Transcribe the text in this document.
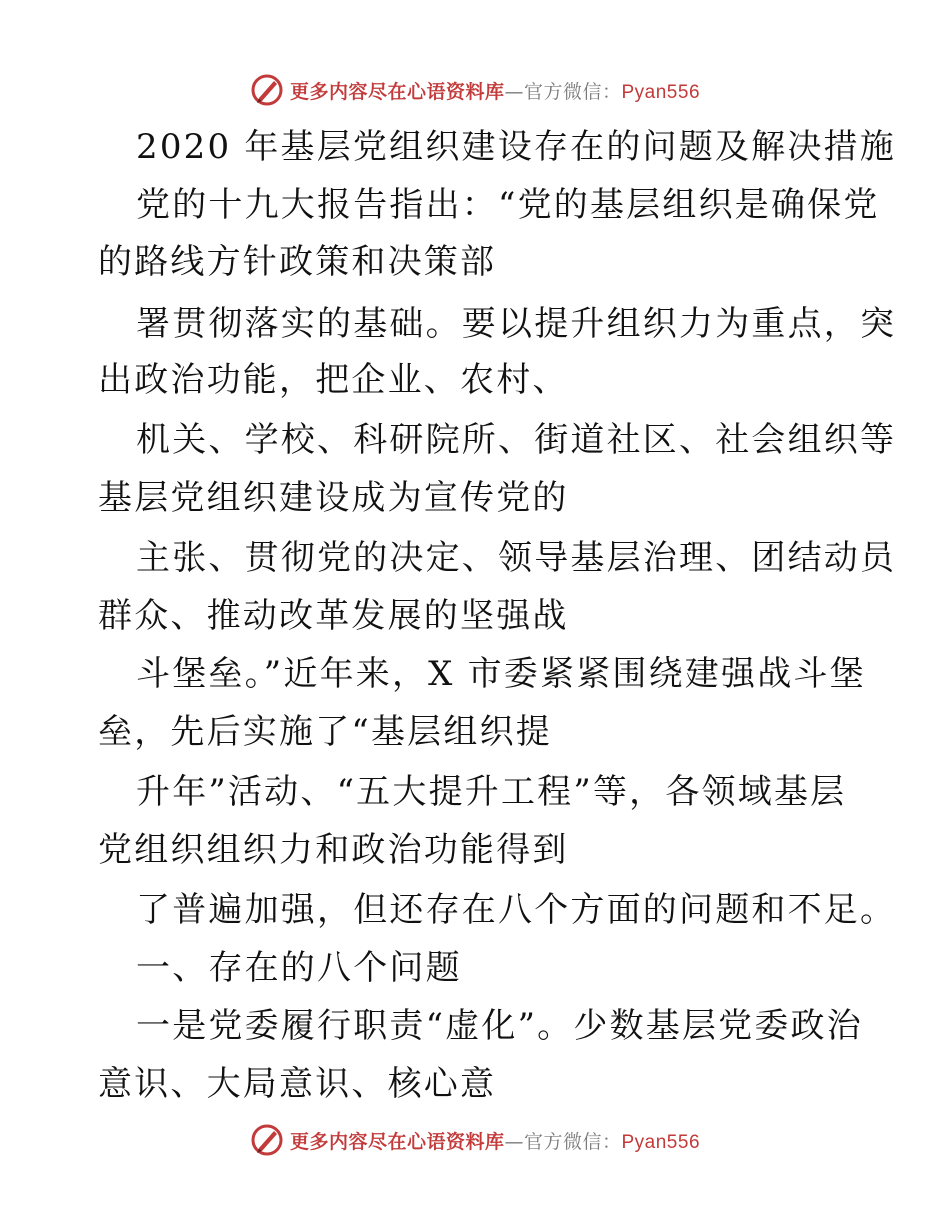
更多内容尽在心语资料库—官方微信：Pyan556
2020 年基层党组织建设存在的问题及解决措施
党的十九大报告指出：“党的基层组织是确保党
的路线方针政策和决策部
署贯彻落实的基础。要以提升组织力为重点，突
出政治功能，把企业、农村、
机关、学校、科研院所、街道社区、社会组织等
基层党组织建设成为宣传党的
主张、贯彻党的决定、领导基层治理、团结动员
群众、推动改革发展的坚强战
斗堡垒。”近年来，X 市委紧紧围绕建强战斗堡
垒，先后实施了“基层组织提
升年”活动、“五大提升工程”等，各领域基层
党组织组织力和政治功能得到
了普遍加强，但还存在八个方面的问题和不足。
一、存在的八个问题
一是党委履行职责“虚化”。少数基层党委政治
意识、大局意识、核心意
更多内容尽在心语资料库—官方微信：Pyan556
